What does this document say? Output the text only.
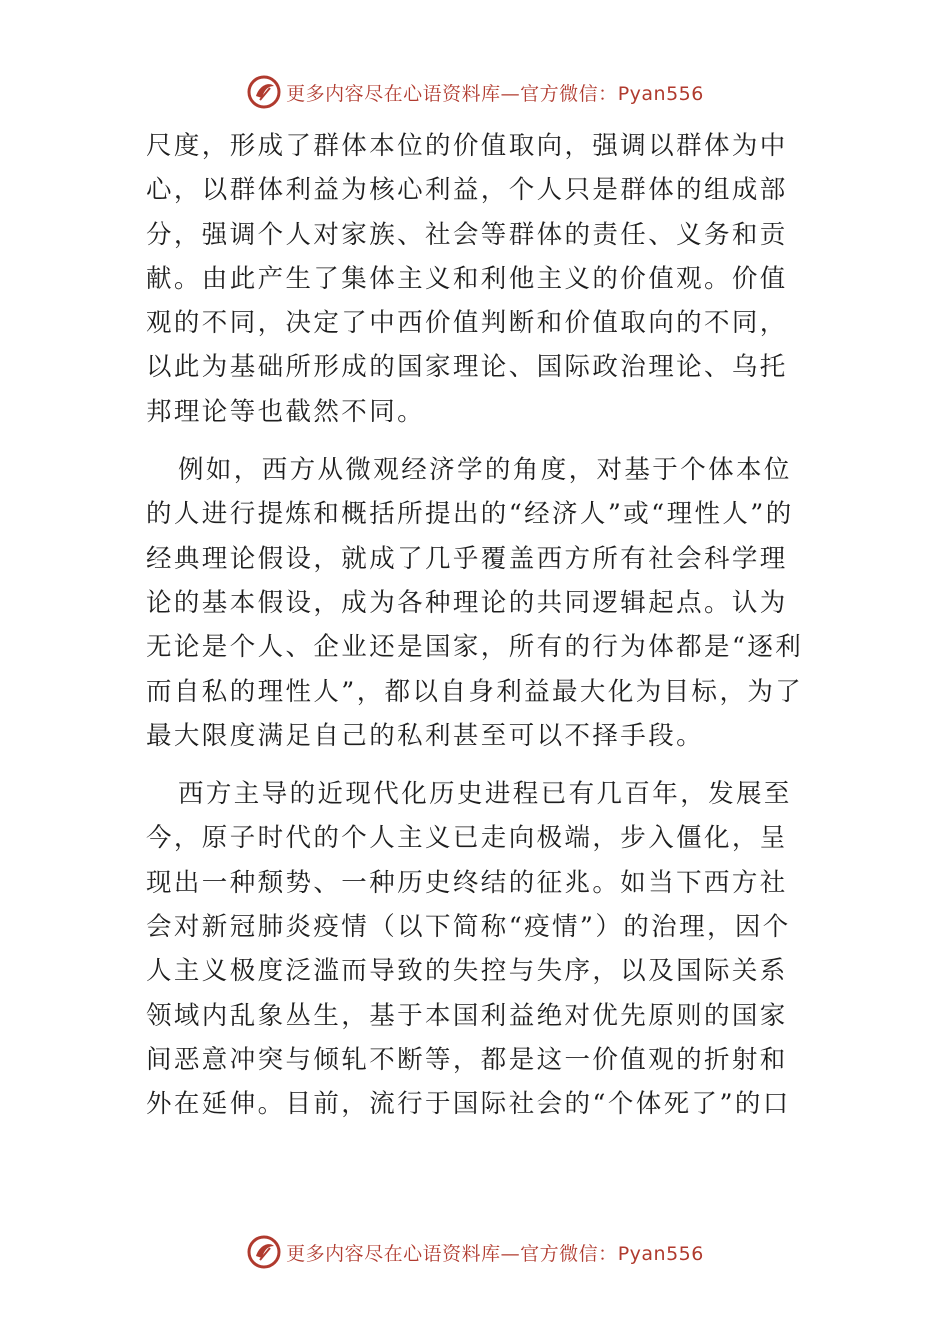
更多内容尽在心语资料库—官方微信：Pyan556

尺度，形成了群体本位的价值取向，强调以群体为中
心，以群体利益为核心利益，个人只是群体的组成部
分，强调个人对家族、社会等群体的责任、义务和贡
献。由此产生了集体主义和利他主义的价值观。价值
观的不同，决定了中西价值判断和价值取向的不同，
以此为基础所形成的国家理论、国际政治理论、乌托
邦理论等也截然不同。

例如，西方从微观经济学的角度，对基于个体本位
的人进行提炼和概括所提出的“经济人”或“理性人”的
经典理论假设，就成了几乎覆盖西方所有社会科学理
论的基本假设，成为各种理论的共同逻辑起点。认为
无论是个人、企业还是国家，所有的行为体都是“逐利
而自私的理性人”，都以自身利益最大化为目标，为了
最大限度满足自己的私利甚至可以不择手段。

西方主导的近现代化历史进程已有几百年，发展至
今，原子时代的个人主义已走向极端，步入僵化，呈
现出一种颓势、一种历史终结的征兆。如当下西方社
会对新冠肺炎疫情（以下简称“疫情”）的治理，因个
人主义极度泛滥而导致的失控与失序，以及国际关系
领域内乱象丛生，基于本国利益绝对优先原则的国家
间恶意冲突与倾轧不断等，都是这一价值观的折射和
外在延伸。目前，流行于国际社会的“个体死了”的口

更多内容尽在心语资料库—官方微信：Pyan556
